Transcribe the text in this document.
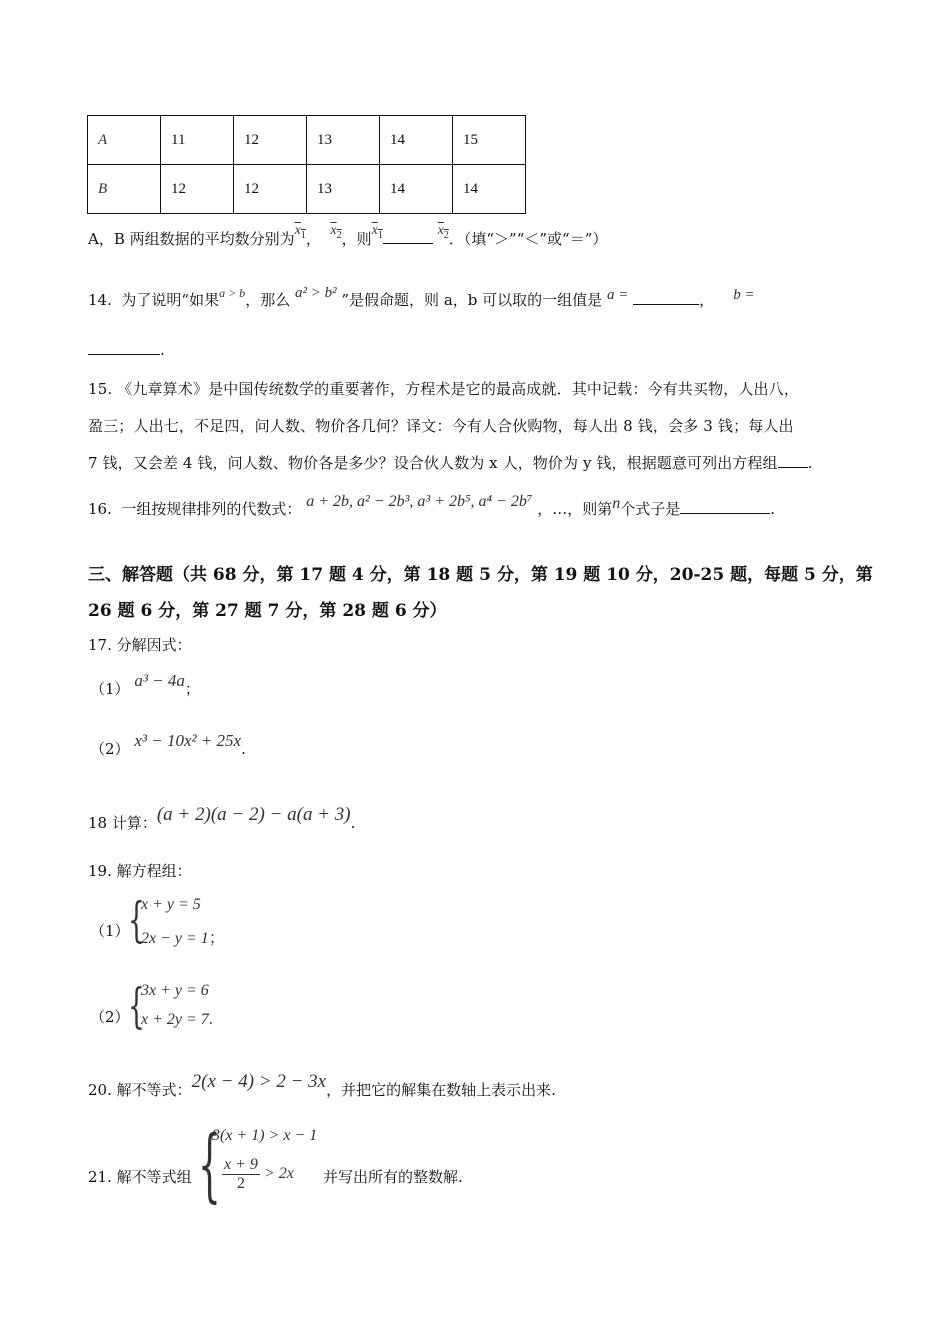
A	11	12	13	14	15
B	12	12	13	14	14
A，B 两组数据的平均数分别为$x_1$， $x_2$，则$x_1$	$x_2$．（填“＞”“＜”或“＝”）
14. 为了说明“如果$^{a > b}$，那么 a² > b² ”是假命题，则 a，b 可以取的一组值是 a =	， b =
.
15. 《九章算术》是中国传统数学的重要著作，方程术是它的最高成就．其中记载：今有共买物，人出八，
盈三；人出七，不足四，问人数、物价各几何？译文：今有人合伙购物，每人出 8 钱，会多 3 钱；每人出
7 钱，又会差 4 钱，问人数、物价各是多少？设合伙人数为 x 人，物价为 y 钱，根据题意可列出方程组 .
16. 一组按规律排列的代数式： a + 2b, a² − 2b³, a³ + 2b⁵, a⁴ − 2b⁷ ，…，则第n个式子是	.
三、解答题（共 68 分，第 17 题 4 分，第 18 题 5 分，第 19 题 10 分，20-25 题，每题 5 分，第
26 题 6 分，第 27 题 7 分，第 28 题 6 分）
17. 分解因式：
（1） a³ − 4a；
（2） x³ − 10x² + 25x.
18 计算：(a + 2)(a − 2) − a(a + 3).
19. 解方程组：
（1）
{
x + y = 5
2x − y = 1；
（2）
{
3x + y = 6
x + 2y = 7.
20. 解不等式：2(x − 4) > 2 − 3x，并把它的解集在数轴上表示出来.
21. 解不等式组 {
3(x + 1) > x − 1
$\frac{x + 9}{2} > 2x$ 并写出所有的整数解.
